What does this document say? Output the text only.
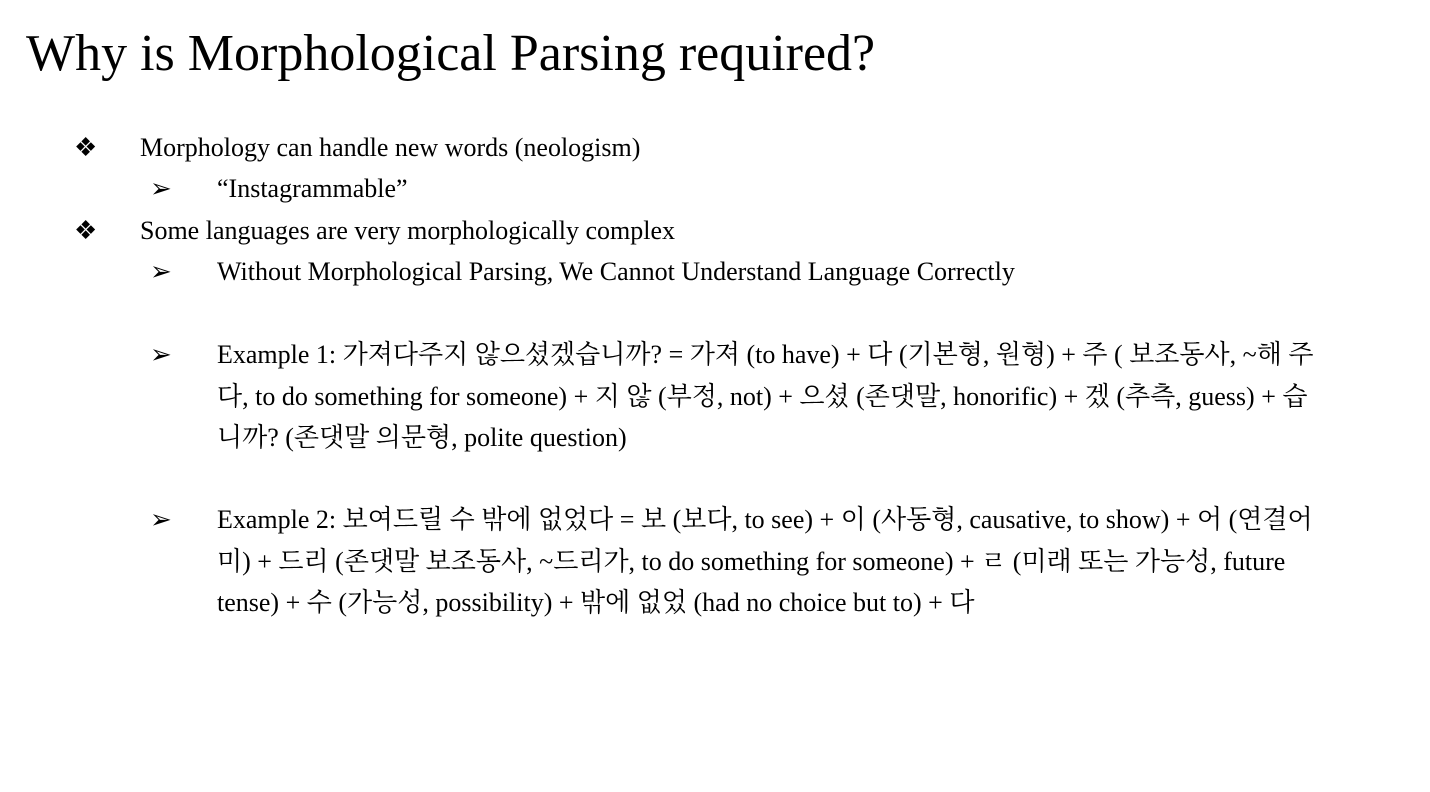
Why is Morphological Parsing required?
❖	Morphology can handle new words (neologism)
➢	“Instagrammable”
❖	Some languages are very morphologically complex
➢	Without Morphological Parsing, We Cannot Understand Language Correctly
➢	Example 1: 가져다주지 않으셨겠습니까? = 가져 (to have) + 다 (기본형, 원형) + 주 ( 보조동사, ~해 주다, to do something for someone) + 지 않 (부정, not) + 으셨 (존댓말, honorific) + 겠 (추측, guess) + 습니까? (존댓말 의문형, polite question)
➢	Example 2: 보여드릴 수 밖에 없었다 = 보 (보다, to see) + 이 (사동형, causative, to show) + 어 (연결어미) + 드리 (존댓말 보조동사, ~드리가, to do something for someone) + ㄹ (미래 또는 가능성, future tense) + 수 (가능성, possibility) + 밖에 없었 (had no choice but to) + 다
